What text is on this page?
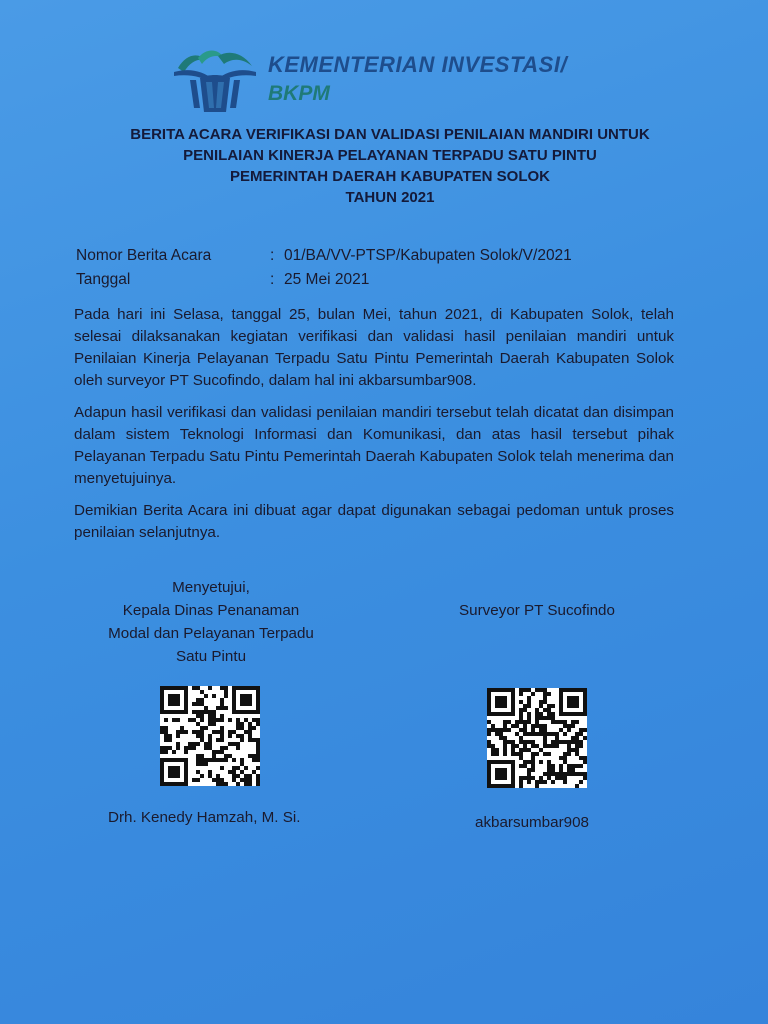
KEMENTERIAN INVESTASI/
BKPM
BERITA ACARA VERIFIKASI DAN VALIDASI PENILAIAN MANDIRI UNTUK
PENILAIAN KINERJA PELAYANAN TERPADU SATU PINTU
PEMERINTAH DAERAH KABUPATEN SOLOK
TAHUN 2021
Nomor Berita Acara	: 01/BA/VV-PTSP/Kabupaten Solok/V/2021
Tanggal	: 25 Mei 2021
Pada hari ini Selasa, tanggal 25, bulan Mei, tahun 2021, di Kabupaten Solok, telah selesai dilaksanakan kegiatan verifikasi dan validasi hasil penilaian mandiri untuk Penilaian Kinerja Pelayanan Terpadu Satu Pintu Pemerintah Daerah Kabupaten Solok oleh surveyor PT Sucofindo, dalam hal ini akbarsumbar908.
Adapun hasil verifikasi dan validasi penilaian mandiri tersebut telah dicatat dan disimpan dalam sistem Teknologi Informasi dan Komunikasi, dan atas hasil tersebut pihak Pelayanan Terpadu Satu Pintu Pemerintah Daerah Kabupaten Solok telah menerima dan menyetujuinya.
Demikian Berita Acara ini dibuat agar dapat digunakan sebagai pedoman untuk proses penilaian selanjutnya.
Menyetujui,
Kepala Dinas Penanaman
Modal dan Pelayanan Terpadu
Satu Pintu
Surveyor PT Sucofindo
Drh. Kenedy Hamzah, M. Si.	akbarsumbar908
